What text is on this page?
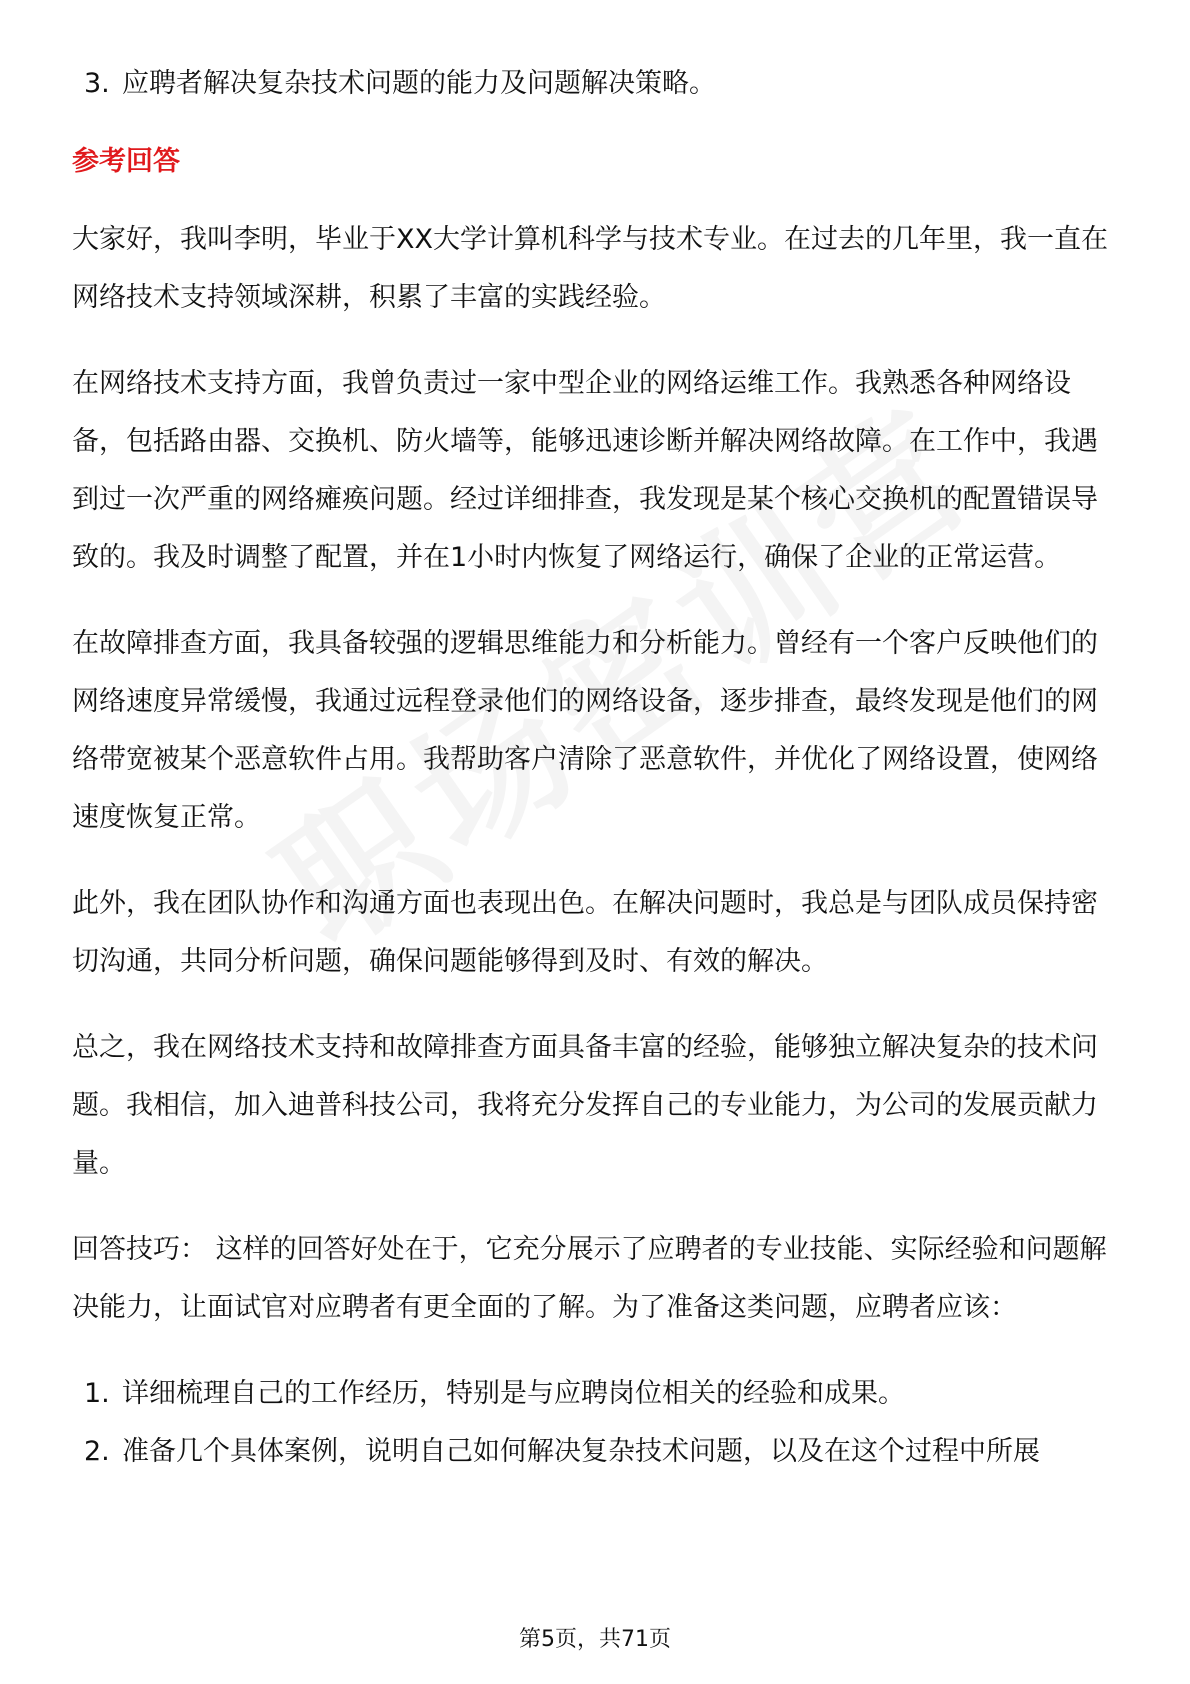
3. 应聘者解决复杂技术问题的能力及问题解决策略。
参考回答
大家好，我叫李明，毕业于XX大学计算机科学与技术专业。在过去的几年里，我一直在网络技术支持领域深耕，积累了丰富的实践经验。
在网络技术支持方面，我曾负责过一家中型企业的网络运维工作。我熟悉各种网络设备，包括路由器、交换机、防火墙等，能够迅速诊断并解决网络故障。在工作中，我遇到过一次严重的网络瘫痪问题。经过详细排查，我发现是某个核心交换机的配置错误导致的。我及时调整了配置，并在1小时内恢复了网络运行，确保了企业的正常运营。
在故障排查方面，我具备较强的逻辑思维能力和分析能力。曾经有一个客户反映他们的网络速度异常缓慢，我通过远程登录他们的网络设备，逐步排查，最终发现是他们的网络带宽被某个恶意软件占用。我帮助客户清除了恶意软件，并优化了网络设置，使网络速度恢复正常。
此外，我在团队协作和沟通方面也表现出色。在解决问题时，我总是与团队成员保持密切沟通，共同分析问题，确保问题能够得到及时、有效的解决。
总之，我在网络技术支持和故障排查方面具备丰富的经验，能够独立解决复杂的技术问题。我相信，加入迪普科技公司，我将充分发挥自己的专业能力，为公司的发展贡献力量。
回答技巧： 这样的回答好处在于，它充分展示了应聘者的专业技能、实际经验和问题解决能力，让面试官对应聘者有更全面的了解。为了准备这类问题，应聘者应该：
1. 详细梳理自己的工作经历，特别是与应聘岗位相关的经验和成果。
2. 准备几个具体案例，说明自己如何解决复杂技术问题，以及在这个过程中所展
第5页，共71页
